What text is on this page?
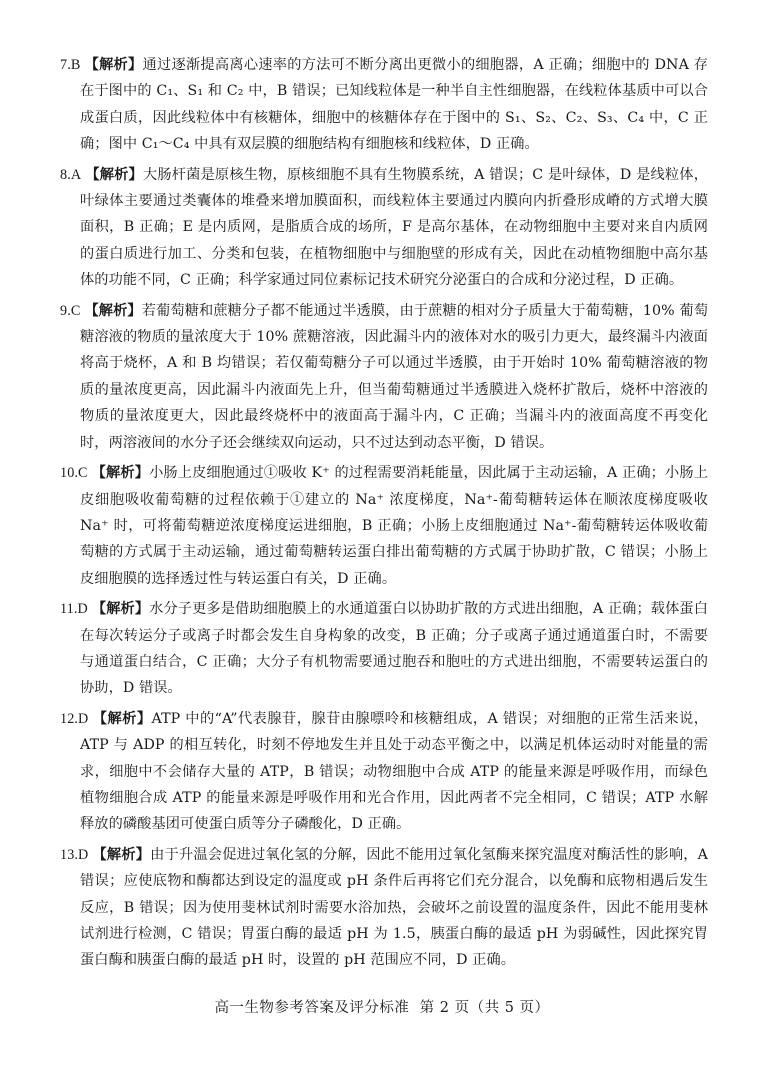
7.B 【解析】通过逐渐提高离心速率的方法可不断分离出更微小的细胞器，A 正确；细胞中的 DNA 存在于图中的 C₁、S₁ 和 C₂ 中，B 错误；已知线粒体是一种半自主性细胞器，在线粒体基质中可以合成蛋白质，因此线粒体中有核糖体，细胞中的核糖体存在于图中的 S₁、S₂、C₂、S₃、C₄ 中，C 正确；图中 C₁～C₄ 中具有双层膜的细胞结构有细胞核和线粒体，D 正确。
8.A 【解析】大肠杆菌是原核生物，原核细胞不具有生物膜系统，A 错误；C 是叶绿体，D 是线粒体，叶绿体主要通过类囊体的堆叠来增加膜面积，而线粒体主要通过内膜向内折叠形成嵴的方式增大膜面积，B 正确；E 是内质网，是脂质合成的场所，F 是高尔基体，在动物细胞中主要对来自内质网的蛋白质进行加工、分类和包装，在植物细胞中与细胞壁的形成有关，因此在动植物细胞中高尔基体的功能不同，C 正确；科学家通过同位素标记技术研究分泌蛋白的合成和分泌过程，D 正确。
9.C 【解析】若葡萄糖和蔗糖分子都不能通过半透膜，由于蔗糖的相对分子质量大于葡萄糖，10% 葡萄糖溶液的物质的量浓度大于 10% 蔗糖溶液，因此漏斗内的液体对水的吸引力更大，最终漏斗内液面将高于烧杯，A 和 B 均错误；若仅葡萄糖分子可以通过半透膜，由于开始时 10% 葡萄糖溶液的物质的量浓度更高，因此漏斗内液面先上升，但当葡萄糖通过半透膜进入烧杯扩散后，烧杯中溶液的物质的量浓度更大，因此最终烧杯中的液面高于漏斗内，C 正确；当漏斗内的液面高度不再变化时，两溶液间的水分子还会继续双向运动，只不过达到动态平衡，D 错误。
10.C 【解析】小肠上皮细胞通过①吸收 K⁺ 的过程需要消耗能量，因此属于主动运输，A 正确；小肠上皮细胞吸收葡萄糖的过程依赖于①建立的 Na⁺ 浓度梯度，Na⁺-葡萄糖转运体在顺浓度梯度吸收 Na⁺ 时，可将葡萄糖逆浓度梯度运进细胞，B 正确；小肠上皮细胞通过 Na⁺-葡萄糖转运体吸收葡萄糖的方式属于主动运输，通过葡萄糖转运蛋白排出葡萄糖的方式属于协助扩散，C 错误；小肠上皮细胞膜的选择透过性与转运蛋白有关，D 正确。
11.D 【解析】水分子更多是借助细胞膜上的水通道蛋白以协助扩散的方式进出细胞，A 正确；载体蛋白在每次转运分子或离子时都会发生自身构象的改变，B 正确；分子或离子通过通道蛋白时，不需要与通道蛋白结合，C 正确；大分子有机物需要通过胞吞和胞吐的方式进出细胞，不需要转运蛋白的协助，D 错误。
12.D 【解析】ATP 中的“A”代表腺苷，腺苷由腺嘌呤和核糖组成，A 错误；对细胞的正常生活来说，ATP 与 ADP 的相互转化，时刻不停地发生并且处于动态平衡之中，以满足机体运动时对能量的需求，细胞中不会储存大量的 ATP，B 错误；动物细胞中合成 ATP 的能量来源是呼吸作用，而绿色植物细胞合成 ATP 的能量来源是呼吸作用和光合作用，因此两者不完全相同，C 错误；ATP 水解释放的磷酸基团可使蛋白质等分子磷酸化，D 正确。
13.D 【解析】由于升温会促进过氧化氢的分解，因此不能用过氧化氢酶来探究温度对酶活性的影响，A 错误；应使底物和酶都达到设定的温度或 pH 条件后再将它们充分混合，以免酶和底物相遇后发生反应，B 错误；因为使用斐林试剂时需要水浴加热，会破坏之前设置的温度条件，因此不能用斐林试剂进行检测，C 错误；胃蛋白酶的最适 pH 为 1.5，胰蛋白酶的最适 pH 为弱碱性，因此探究胃蛋白酶和胰蛋白酶的最适 pH 时，设置的 pH 范围应不同，D 正确。
高一生物参考答案及评分标准 第 2 页（共 5 页）
